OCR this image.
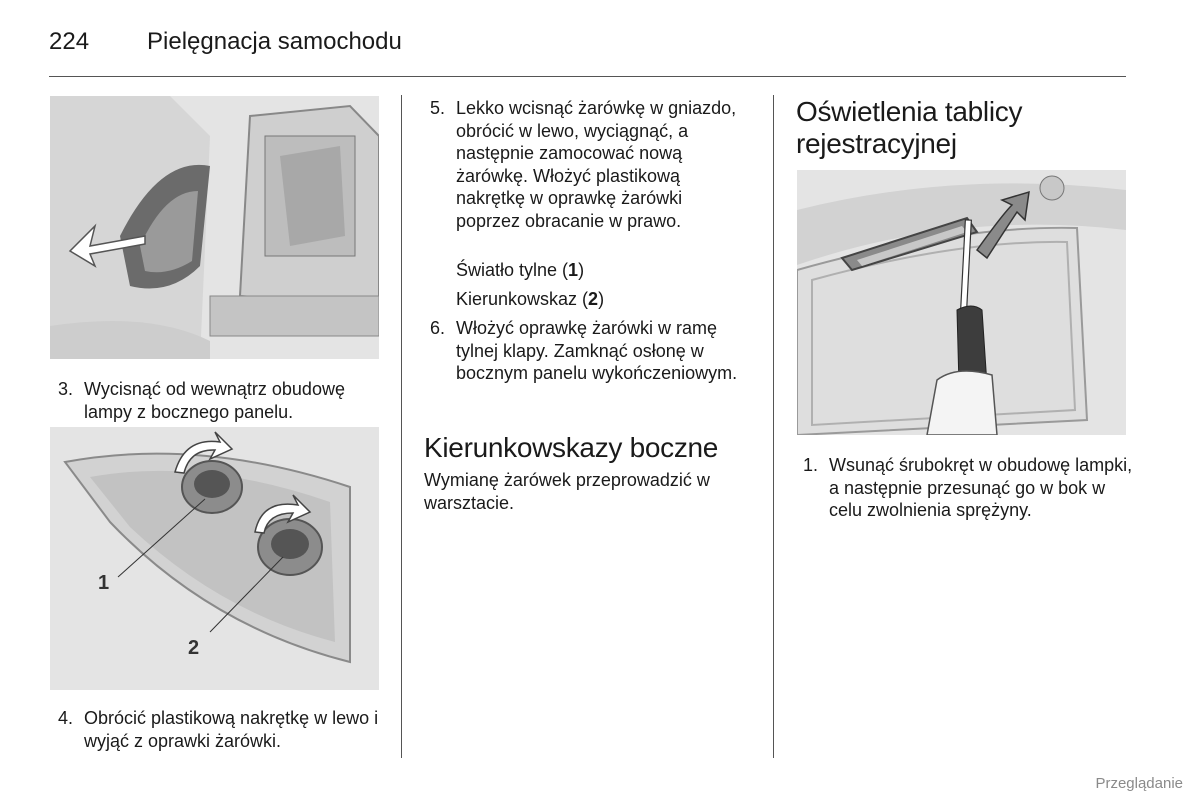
224 Pielęgnacja samochodu
3. Wycisnąć od wewnątrz obudowę lampy z bocznego panelu.
1
2
4. Obrócić plastikową nakrętkę w lewo i wyjąć z oprawki żarówki.
5. Lekko wcisnąć żarówkę w gniazdo, obrócić w lewo, wyciągnąć, a następnie zamocować nową żarówkę. Włożyć plastikową nakrętkę w oprawkę żarówki poprzez obracanie w prawo.
Światło tylne (1)
Kierunkowskaz (2)
6. Włożyć oprawkę żarówki w ramę tylnej klapy. Zamknąć osłonę w bocznym panelu wykończeniowym.
Kierunkowskazy boczne
Wymianę żarówek przeprowadzić w warsztacie.
Oświetlenia tablicy rejestracyjnej
1. Wsunąć śrubokręt w obudowę lampki, a następnie przesunąć go w bok w celu zwolnienia sprężyny.
Przeglądanie
